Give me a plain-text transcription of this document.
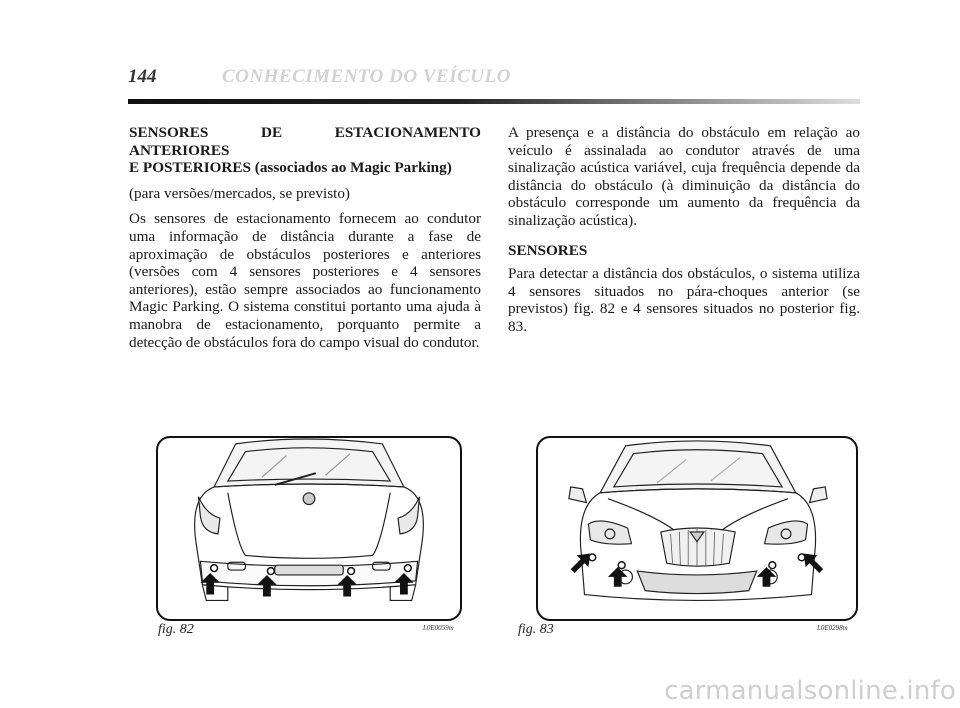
144	CONHECIMENTO DO VEÍCULO

SENSORES DE ESTACIONAMENTO ANTERIORES
E POSTERIORES (associados ao Magic Parking)

(para versões/mercados, se previsto)

Os sensores de estacionamento fornecem ao condutor uma informação de distância durante a fase de aproximação de obstáculos posteriores e anteriores (versões com 4 sensores posteriores e 4 sensores anteriores), estão sempre associados ao funcionamento Magic Parking. O sistema constitui portanto uma ajuda à manobra de estacionamento, porquanto permite a detecção de obstáculos fora do campo visual do condutor.

A presença e a distância do obstáculo em relação ao veículo é assinalada ao condutor através de uma sinalização acústica variável, cuja frequência depende da distância do obstáculo (à diminuição da distância do obstáculo corresponde um aumento da frequência da sinalização acústica).

SENSORES

Para detectar a distância dos obstáculos, o sistema utiliza 4 sensores situados no pára-choques anterior (se previstos) fig. 82 e 4 sensores situados no posterior fig. 83.

fig. 82	L0E0059m	fig. 83	L0E0298m
carmanualsonline.info
